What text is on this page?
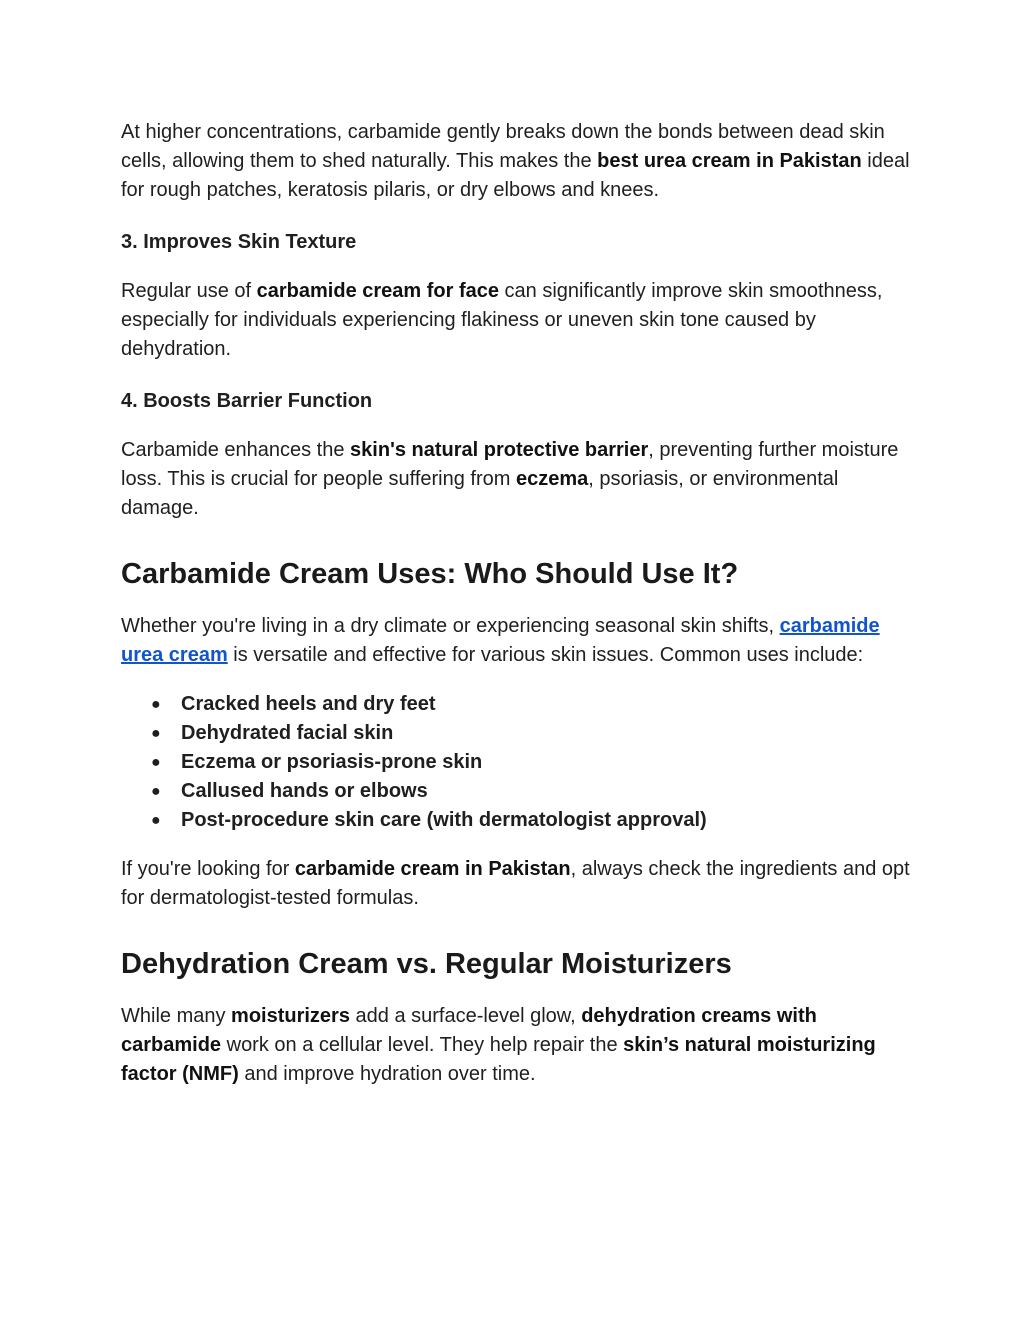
At higher concentrations, carbamide gently breaks down the bonds between dead skin cells, allowing them to shed naturally. This makes the best urea cream in Pakistan ideal for rough patches, keratosis pilaris, or dry elbows and knees.

3. Improves Skin Texture

Regular use of carbamide cream for face can significantly improve skin smoothness, especially for individuals experiencing flakiness or uneven skin tone caused by dehydration.

4. Boosts Barrier Function

Carbamide enhances the skin's natural protective barrier, preventing further moisture loss. This is crucial for people suffering from eczema, psoriasis, or environmental damage.

Carbamide Cream Uses: Who Should Use It?

Whether you're living in a dry climate or experiencing seasonal skin shifts, carbamide urea cream is versatile and effective for various skin issues. Common uses include:

● Cracked heels and dry feet
● Dehydrated facial skin
● Eczema or psoriasis-prone skin
● Callused hands or elbows
● Post-procedure skin care (with dermatologist approval)

If you're looking for carbamide cream in Pakistan, always check the ingredients and opt for dermatologist-tested formulas.

Dehydration Cream vs. Regular Moisturizers

While many moisturizers add a surface-level glow, dehydration creams with carbamide work on a cellular level. They help repair the skin’s natural moisturizing factor (NMF) and improve hydration over time.
